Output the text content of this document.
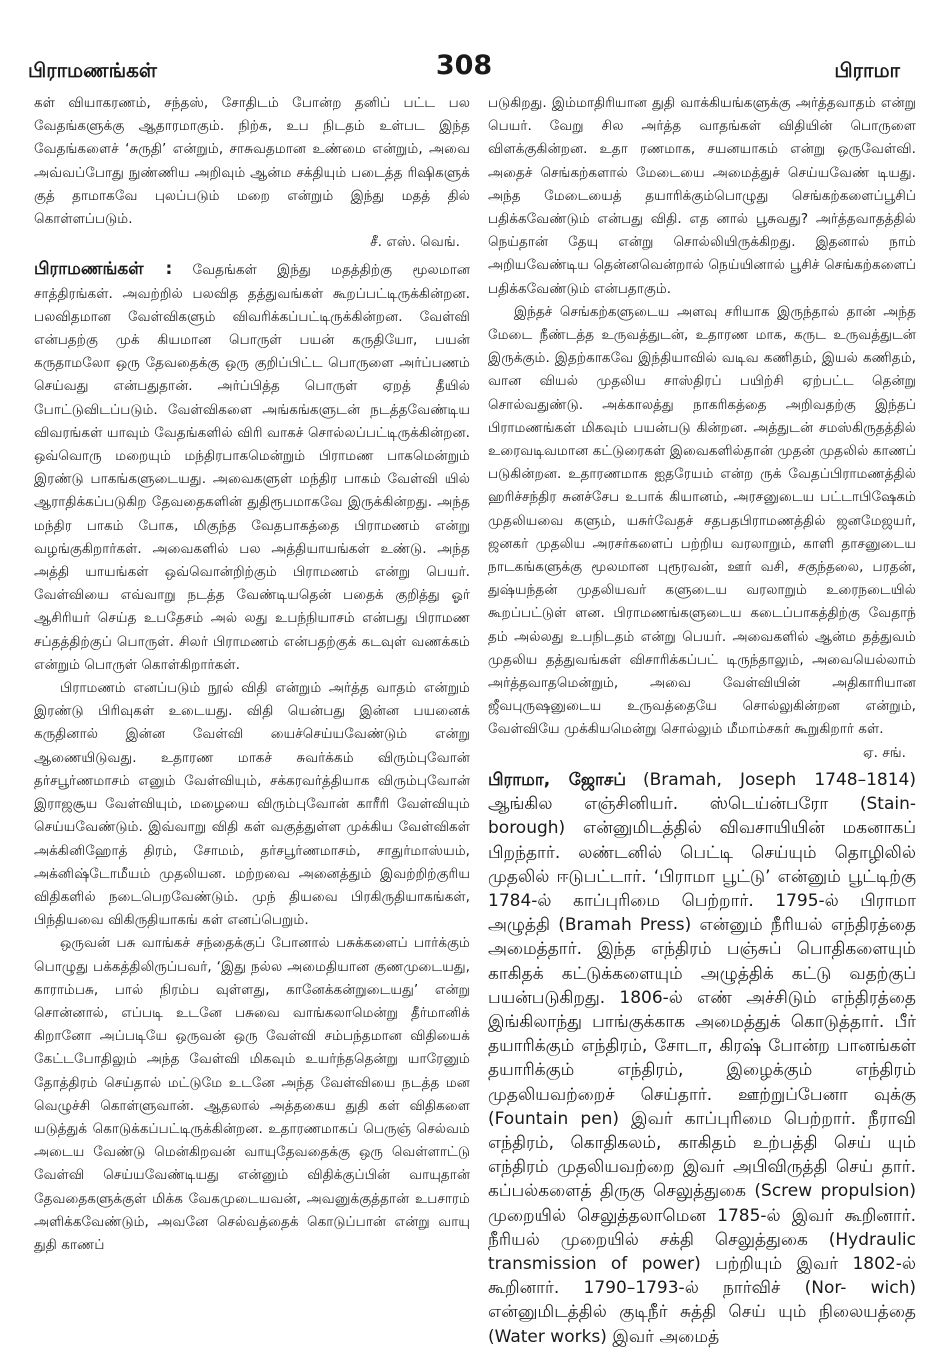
பிராமணங்கள்	308	பிராமா

கள் வியாகரணம், சந்தஸ், சோதிடம் போன்ற தனிப் பட்ட பல வேதங்களுக்கு ஆதாரமாகும். நிற்க, உப நிடதம் உள்பட இந்த வேதங்களைச் ‘சுருதி’ என்றும், சாசுவதமான உண்மை என்றும், அவை அவ்வப்போது நுண்ணிய அறிவும் ஆன்ம சக்தியும் படைத்த ரிஷிகளுக் குத் தாமாகவே புலப்படும் மறை என்றும் இந்து மதத் தில் கொள்ளப்படும்.

சீ. எஸ். வெங்.

பிராமணங்கள் : வேதங்கள் இந்து மதத்திற்கு மூலமான சாத்திரங்கள். அவற்றில் பலவித தத்துவங்கள் கூறப்பட்டிருக்கின்றன. பலவிதமான வேள்விகளும் விவரிக்கப்பட்டிருக்கின்றன. வேள்வி என்பதற்கு முக் கியமான பொருள் பயன் கருதியோ, பயன் கருதாமலோ ஒரு தேவதைக்கு ஒரு குறிப்பிட்ட பொருளை அர்ப்பணம் செய்வது என்பதுதான். அர்ப்பித்த பொருள் ஏறத் தீயில் போட்டுவிடப்படும். வேள்விகளை அங்கங்களுடன் நடத்தவேண்டிய விவரங்கள் யாவும் வேதங்களில் விரி வாகச் சொல்லப்பட்டிருக்கின்றன. ஒவ்வொரு மறையும் மந்திரபாகமென்றும் பிராமண பாகமென்றும் இரண்டு பாகங்களுடையது. அவைகளுள் மந்திர பாகம் வேள்வி யில் ஆராதிக்கப்படுகிற தேவதைகளின் துதிரூபமாகவே இருக்கின்றது. அந்த மந்திர பாகம் போக, மிகுந்த வேதபாகத்தை பிராமணம் என்று வழங்குகிறார்கள். அவைகளில் பல அத்தியாயங்கள் உண்டு. அந்த அத்தி யாயங்கள் ஒவ்வொன்றிற்கும் பிராமணம் என்று பெயர். வேள்வியை எவ்வாறு நடத்த வேண்டியதென் பதைக் குறித்து ஓர் ஆசிரியர் செய்த உபதேசம் அல் லது உபந்நியாசம் என்பது பிராமண சப்தத்திற்குப் பொருள். சிலர் பிராமணம் என்பதற்குக் கடவுள் வணக்கம் என்றும் பொருள் கொள்கிறார்கள்.

பிராமணம் எனப்படும் நூல் விதி என்றும் அர்த்த வாதம் என்றும் இரண்டு பிரிவுகள் உடையது. விதி யென்பது இன்ன பயனைக் கருதினால் இன்ன வேள்வி யைச்செய்யவேண்டும் என்று ஆணையிடுவது. உதாரண மாகச் சுவர்க்கம் விரும்புவோன் தர்சபூர்ணமாசம் எனும் வேள்வியும், சக்கரவர்த்தியாக விரும்புவோன் இராஜசூய வேள்வியும், மழையை விரும்புவோன் காரீரி வேள்வியும் செய்யவேண்டும். இவ்வாறு விதி கள் வகுத்துள்ள முக்கிய வேள்விகள் அக்கினிஹோத் திரம், சோமம், தர்சபூர்ணமாசம், சாதுர்மாஸ்யம், அக்னிஷ்டோமீயம் முதலியன. மற்றவை அனைத்தும் இவற்றிற்குரிய விதிகளில் நடைபெறவேண்டும். முந் தியவை பிரகிருதியாகங்கள், பிந்தியவை விகிருதியாகங் கள் எனப்பெறும்.

ஒருவன் பசு வாங்கச் சந்தைக்குப் போனால் பசுக்களைப் பார்க்கும் பொழுது பக்கத்திலிருப்பவர், ‘இது நல்ல அமைதியான குணமுடையது, காராம்பசு, பால் நிரம்ப வுள்ளது, கானேக்கன்றுடையது’ என்று சொன்னால், எப்படி உடனே பசுவை வாங்கலாமென்று தீர்மானிக் கிறானோ அப்படியே ஒருவன் ஒரு வேள்வி சம்பந்தமான விதியைக் கேட்டபோதிலும் அந்த வேள்வி மிகவும் உயர்ந்ததென்று யாரேனும் தோத்திரம் செய்தால் மட்டுமே உடனே அந்த வேள்வியை நடத்த மன வெழுச்சி கொள்ளுவான். ஆதலால் அத்தகைய துதி கள் விதிகளை யடுத்துக் கொடுக்கப்பட்டிருக்கின்றன. உதாரணமாகப் பெருஞ் செல்வம் அடைய வேண்டு மென்கிறவன் வாயுதேவதைக்கு ஒரு வெள்ளாட்டு வேள்வி செய்யவேண்டியது என்னும் விதிக்குப்பின் வாயுதான் தேவதைகளுக்குள் மிக்க வேகமுடையவன், அவனுக்குத்தான் உபசாரம் அளிக்கவேண்டும், அவனே செல்வத்தைக் கொடுப்பான் என்று வாயு துதி காணப்

படுகிறது. இம்மாதிரியான துதி வாக்கியங்களுக்கு அர்த்தவாதம் என்று பெயர். வேறு சில அர்த்த வாதங்கள் விதியின் பொருளை விளக்குகின்றன. உதா ரணமாக, சயனயாகம் என்று ஒருவேள்வி. அதைச் செங்கற்களால் மேடையை அமைத்துச் செய்யவேண் டியது. அந்த மேடையைத் தயாரிக்கும்பொழுது செங்கற்களைப்பூசிப் பதிக்கவேண்டும் என்பது விதி. எத னால் பூசுவது? அர்த்தவாதத்தில் நெய்தான் தேயு என்று சொல்லியிருக்கிறது. இதனால் நாம் அறியவேண்டிய தென்னவென்றால் நெய்யினால் பூசிச் செங்கற்களைப் பதிக்கவேண்டும் என்பதாகும்.

இந்தச் செங்கற்களுடைய அளவு சரியாக இருந்தால் தான் அந்த மேடை நீண்டத்த உருவத்துடன், உதாரண மாக, கருட உருவத்துடன் இருக்கும். இதற்காகவே இந்தியாவில் வடிவ கணிதம், இயல் கணிதம், வான வியல் முதலிய சாஸ்திரப் பயிற்சி ஏற்பட்ட தென்று சொல்வதுண்டு. அக்காலத்து நாகரிகத்தை அறிவதற்கு இந்தப் பிராமணங்கள் மிகவும் பயன்படு கின்றன. அத்துடன் சமஸ்கிருதத்தில் உரைவடிவமான கட்டுரைகள் இவைகளில்தான் முதன் முதலில் காணப் படுகின்றன. உதாரணமாக ஐதரேயம் என்ற ருக் வேதப்பிராமணத்தில் ஹரிச்சந்திர சுனச்சேப உபாக் கியானம், அரசனுடைய பட்டாபிஷேகம் முதலியவை களும், யசுர்வேதச் சதபதபிராமணத்தில் ஜனமேஜயர், ஜனகர் முதலிய அரசர்களைப் பற்றிய வரலாறும், காளி தாசனுடைய நாடகங்களுக்கு மூலமான புரூரவன், ஊர் வசி, சகுந்தலை, பரதன், துஷ்யந்தன் முதலியவர் களுடைய வரலாறும் உரைநடையில் கூறப்பட்டுள் ளன. பிராமணங்களுடைய கடைப்பாகத்திற்கு வேதாந் தம் அல்லது உபநிடதம் என்று பெயர். அவைகளில் ஆன்ம தத்துவம் முதலிய தத்துவங்கள் விசாரிக்கப்பட் டிருந்தாலும், அவையெல்லாம் அர்த்தவாதமென்றும், அவை வேள்வியின் அதிகாரியான ஜீவபுருஷனுடைய உருவத்தையே சொல்லுகின்றன என்றும், வேள்வியே முக்கியமென்று சொல்லும் மீமாம்சகர் கூறுகிறார் கள்.

ஏ. சங்.

பிராமா, ஜோசப் (Bramah, Joseph 1748–1814) ஆங்கில எஞ்சினியர். ஸ்டெய்ன்பரோ (Stain- borough) என்னுமிடத்தில் விவசாயியின் மகனாகப் பிறந்தார். லண்டனில் பெட்டி செய்யும் தொழிலில் முதலில் ஈடுபட்டார். ‘பிராமா பூட்டு’ என்னும் பூட்டிற்கு 1784-ல் காப்புரிமை பெற்றார். 1795-ல் பிராமா அழுத்தி (Bramah Press) என்னும் நீரியல் எந்திரத்தை அமைத்தார். இந்த எந்திரம் பஞ்சுப் பொதிகளையும் காகிதக் கட்டுக்களையும் அழுத்திக் கட்டு வதற்குப் பயன்படுகிறது. 1806-ல் எண் அச்சிடும் எந்திரத்தை இங்கிலாந்து பாங்குக்காக அமைத்துக் கொடுத்தார். பீர் தயாரிக்கும் எந்திரம், சோடா, கிரஷ் போன்ற பானங்கள் தயாரிக்கும் எந்திரம், இழைக்கும் எந்திரம் முதலியவற்றைச் செய்தார். ஊற்றுப்பேனா வுக்கு (Fountain pen) இவர் காப்புரிமை பெற்றார். நீராவி எந்திரம், கொதிகலம், காகிதம் உற்பத்தி செய் யும் எந்திரம் முதலியவற்றை இவர் அபிவிருத்தி செய் தார். கப்பல்களைத் திருகு செலுத்துகை (Screw propulsion) முறையில் செலுத்தலாமென 1785-ல் இவர் கூறினார். நீரியல் முறையில் சக்தி செலுத்துகை (Hydraulic transmission of power) பற்றியும் இவர் 1802-ல் கூறினார். 1790–1793-ல் நார்விச் (Nor- wich) என்னுமிடத்தில் குடிநீர் சுத்தி செய் யும் நிலையத்தை (Water works) இவர் அமைத்
